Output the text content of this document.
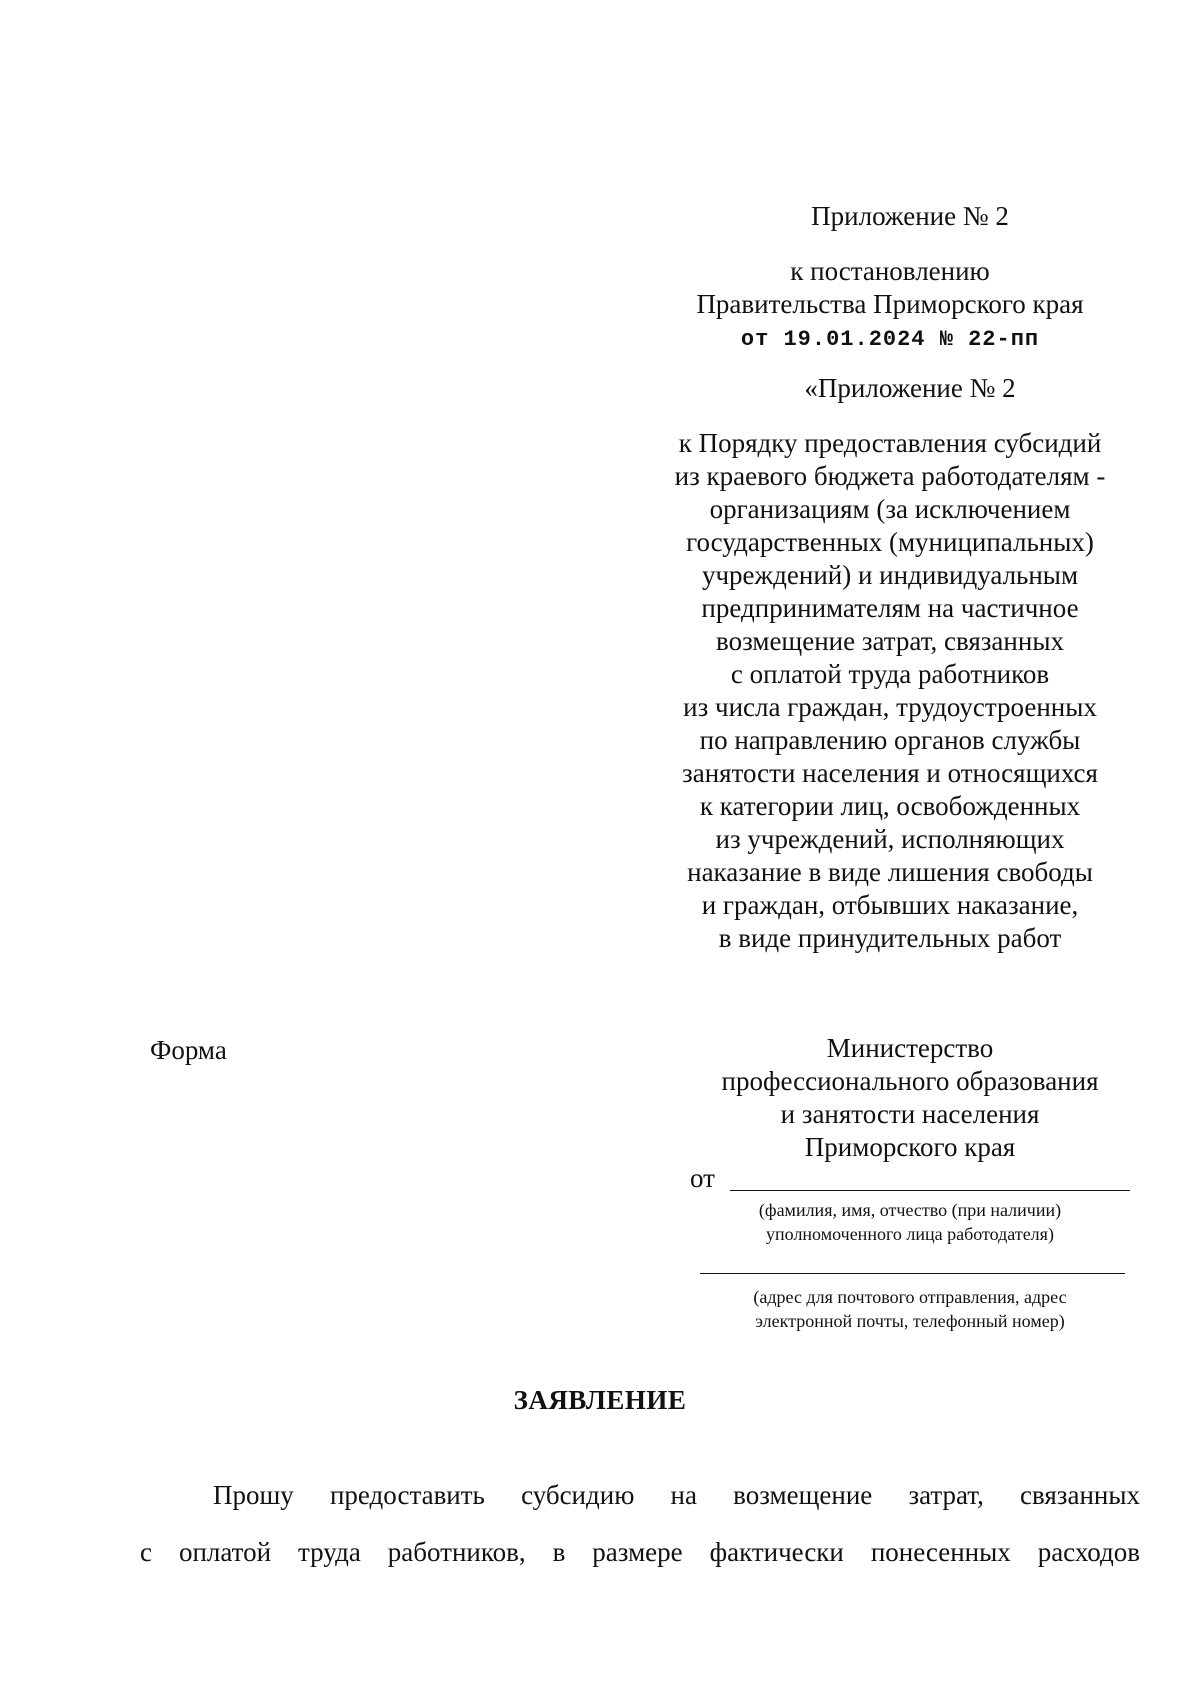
Приложение № 2
к постановлению
Правительства Приморского края
от 19.01.2024 № 22-пп
«Приложение № 2
к Порядку предоставления субсидий
из краевого бюджета работодателям -
организациям (за исключением
государственных (муниципальных)
учреждений) и индивидуальным
предпринимателям на частичное
возмещение затрат, связанных
с оплатой труда работников
из числа граждан, трудоустроенных
по направлению органов службы
занятости населения и относящихся
к категории лиц, освобожденных
из учреждений, исполняющих
наказание в виде лишения свободы
и граждан, отбывших наказание,
в виде принудительных работ
Форма	Министерство
профессионального образования
и занятости населения
Приморского края
от
(фамилия, имя, отчество (при наличии)
уполномоченного лица работодателя)
(адрес для почтового отправления, адрес
электронной почты, телефонный номер)
ЗАЯВЛЕНИЕ
Прошу предоставить субсидию на возмещение затрат, связанных
с оплатой труда работников, в размере фактически понесенных расходов
